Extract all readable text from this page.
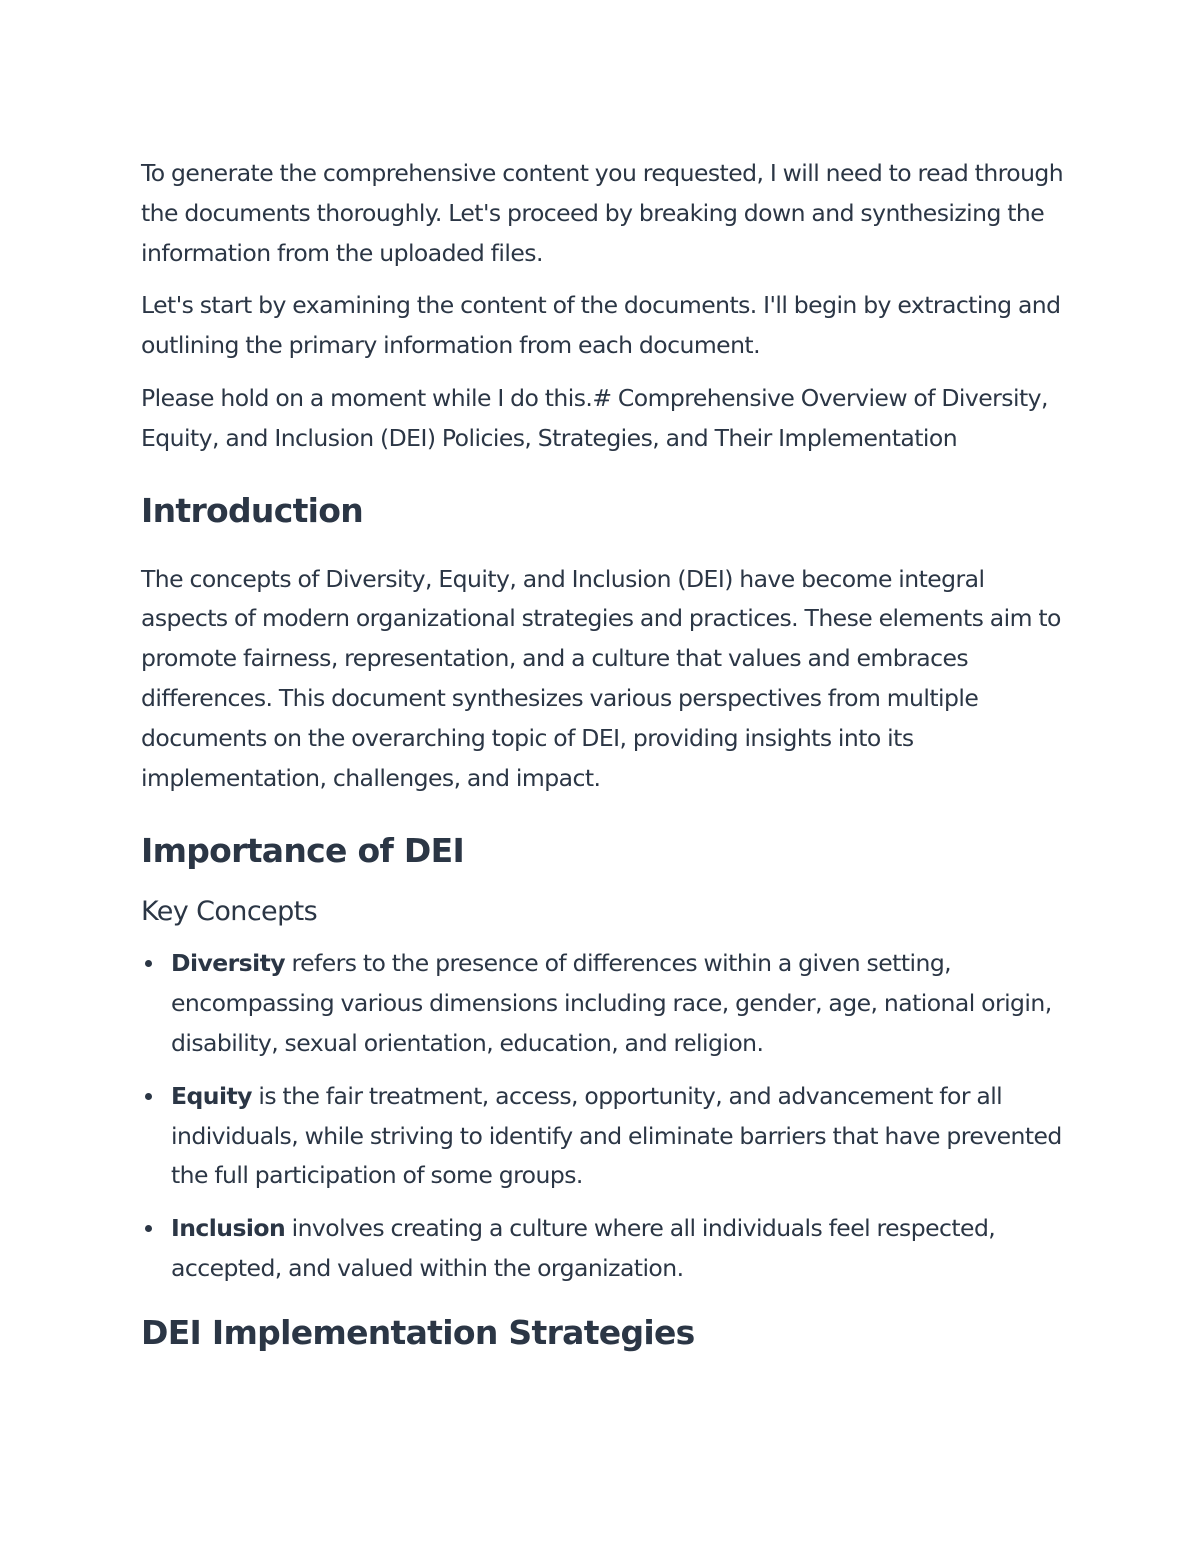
To generate the comprehensive content you requested, I will need to read through the documents thoroughly. Let's proceed by breaking down and synthesizing the information from the uploaded files.

Let's start by examining the content of the documents. I'll begin by extracting and outlining the primary information from each document.

Please hold on a moment while I do this.# Comprehensive Overview of Diversity, Equity, and Inclusion (DEI) Policies, Strategies, and Their Implementation

Introduction

The concepts of Diversity, Equity, and Inclusion (DEI) have become integral aspects of modern organizational strategies and practices. These elements aim to promote fairness, representation, and a culture that values and embraces differences. This document synthesizes various perspectives from multiple documents on the overarching topic of DEI, providing insights into its implementation, challenges, and impact.

Importance of DEI
Key Concepts

Diversity refers to the presence of differences within a given setting, encompassing various dimensions including race, gender, age, national origin, disability, sexual orientation, education, and religion.

Equity is the fair treatment, access, opportunity, and advancement for all individuals, while striving to identify and eliminate barriers that have prevented the full participation of some groups.

Inclusion involves creating a culture where all individuals feel respected, accepted, and valued within the organization.

DEI Implementation Strategies
